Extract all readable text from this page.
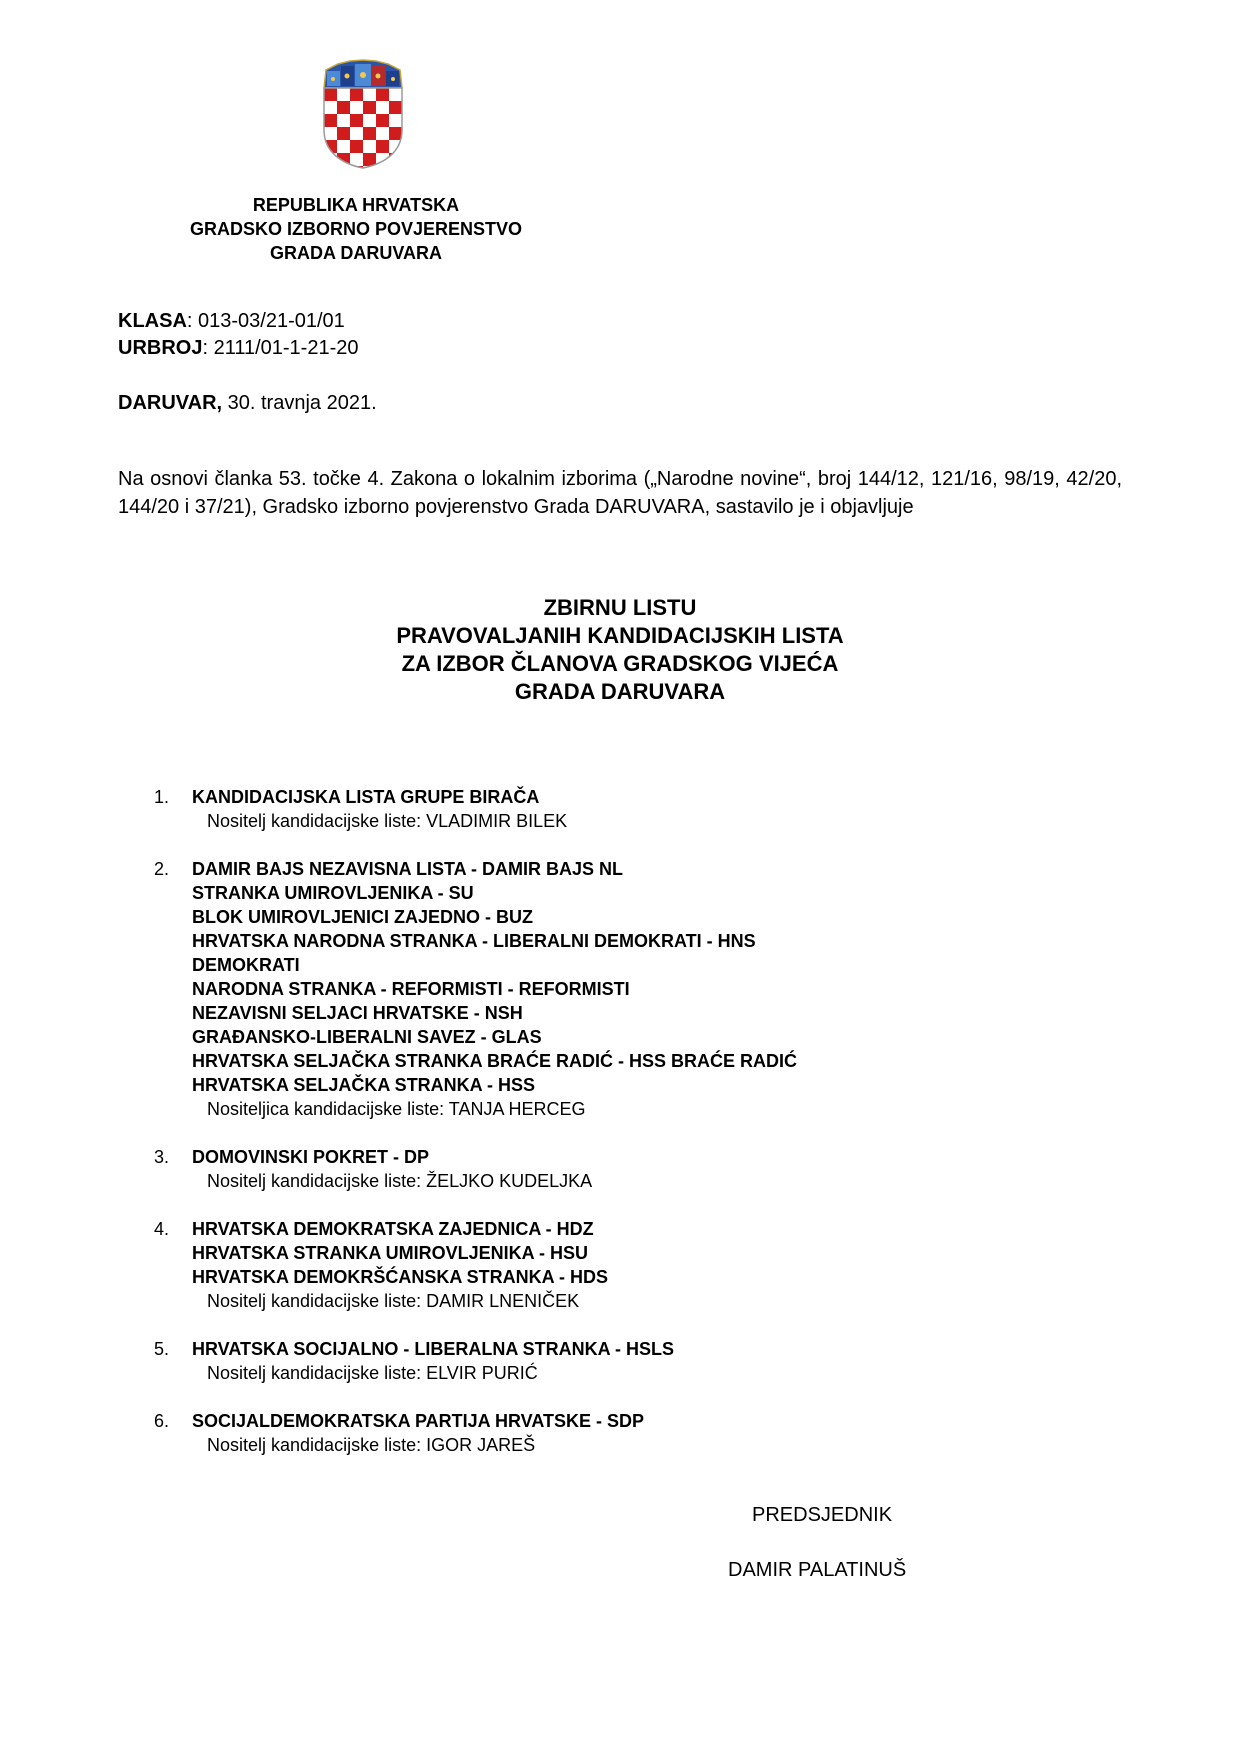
REPUBLIKA HRVATSKA
GRADSKO IZBORNO POVJERENSTVO
GRADA DARUVARA
KLASA: 013-03/21-01/01
URBROJ: 2111/01-1-21-20
DARUVAR, 30. travnja 2021.
Na osnovi članka 53. točke 4. Zakona o lokalnim izborima („Narodne novine“, broj 144/12, 121/16, 98/19, 42/20, 144/20 i 37/21), Gradsko izborno povjerenstvo Grada DARUVARA, sastavilo je i objavljuje
ZBIRNU LISTU
PRAVOVALJANIH KANDIDACIJSKIH LISTA
ZA IZBOR ČLANOVA GRADSKOG VIJEĆA
GRADA DARUVARA
1. KANDIDACIJSKA LISTA GRUPE BIRAČA
Nositelj kandidacijske liste: VLADIMIR BILEK
2. DAMIR BAJS NEZAVISNA LISTA - DAMIR BAJS NL
STRANKA UMIROVLJENIKA - SU
BLOK UMIROVLJENICI ZAJEDNO - BUZ
HRVATSKA NARODNA STRANKA - LIBERALNI DEMOKRATI - HNS
DEMOKRATI
NARODNA STRANKA - REFORMISTI - REFORMISTI
NEZAVISNI SELJACI HRVATSKE - NSH
GRAĐANSKO-LIBERALNI SAVEZ - GLAS
HRVATSKA SELJAČKA STRANKA BRAĆE RADIĆ - HSS BRAĆE RADIĆ
HRVATSKA SELJAČKA STRANKA - HSS
Nositeljica kandidacijske liste: TANJA HERCEG
3. DOMOVINSKI POKRET - DP
Nositelj kandidacijske liste: ŽELJKO KUDELJKA
4. HRVATSKA DEMOKRATSKA ZAJEDNICA - HDZ
HRVATSKA STRANKA UMIROVLJENIKA - HSU
HRVATSKA DEMOKRŠĆANSKA STRANKA - HDS
Nositelj kandidacijske liste: DAMIR LNENIČEK
5. HRVATSKA SOCIJALNO - LIBERALNA STRANKA - HSLS
Nositelj kandidacijske liste: ELVIR PURIĆ
6. SOCIJALDEMOKRATSKA PARTIJA HRVATSKE - SDP
Nositelj kandidacijske liste: IGOR JAREŠ
PREDSJEDNIK
DAMIR PALATINUŠ
